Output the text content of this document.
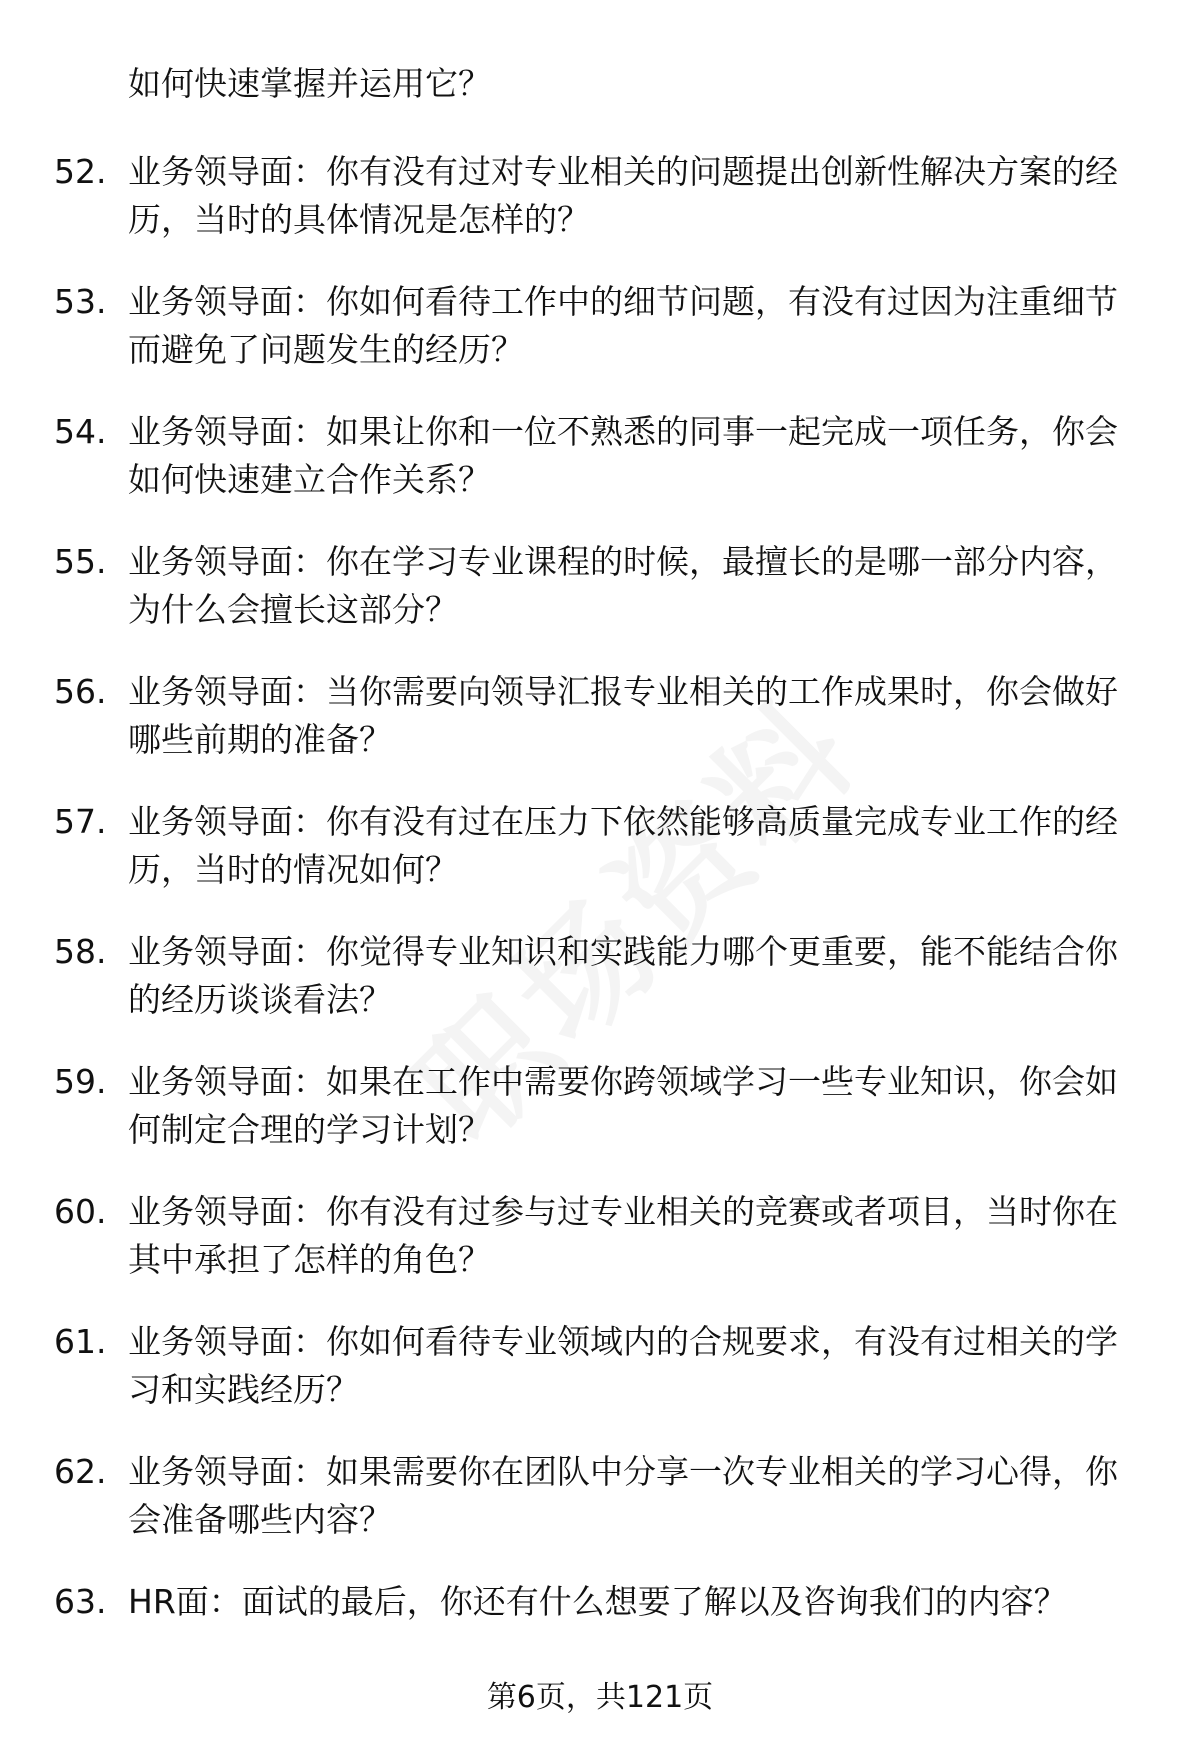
如何快速掌握并运用它？
52. 业务领导面：你有没有过对专业相关的问题提出创新性解决方案的经历，当时的具体情况是怎样的？
53. 业务领导面：你如何看待工作中的细节问题，有没有过因为注重细节而避免了问题发生的经历？
54. 业务领导面：如果让你和一位不熟悉的同事一起完成一项任务，你会如何快速建立合作关系？
55. 业务领导面：你在学习专业课程的时候，最擅长的是哪一部分内容，为什么会擅长这部分？
56. 业务领导面：当你需要向领导汇报专业相关的工作成果时，你会做好哪些前期的准备？
57. 业务领导面：你有没有过在压力下依然能够高质量完成专业工作的经历，当时的情况如何？
58. 业务领导面：你觉得专业知识和实践能力哪个更重要，能不能结合你的经历谈谈看法？
59. 业务领导面：如果在工作中需要你跨领域学习一些专业知识，你会如何制定合理的学习计划？
60. 业务领导面：你有没有过参与过专业相关的竞赛或者项目，当时你在其中承担了怎样的角色？
61. 业务领导面：你如何看待专业领域内的合规要求，有没有过相关的学习和实践经历？
62. 业务领导面：如果需要你在团队中分享一次专业相关的学习心得，你会准备哪些内容？
63. HR面：面试的最后，你还有什么想要了解以及咨询我们的内容？
第6页，共121页
